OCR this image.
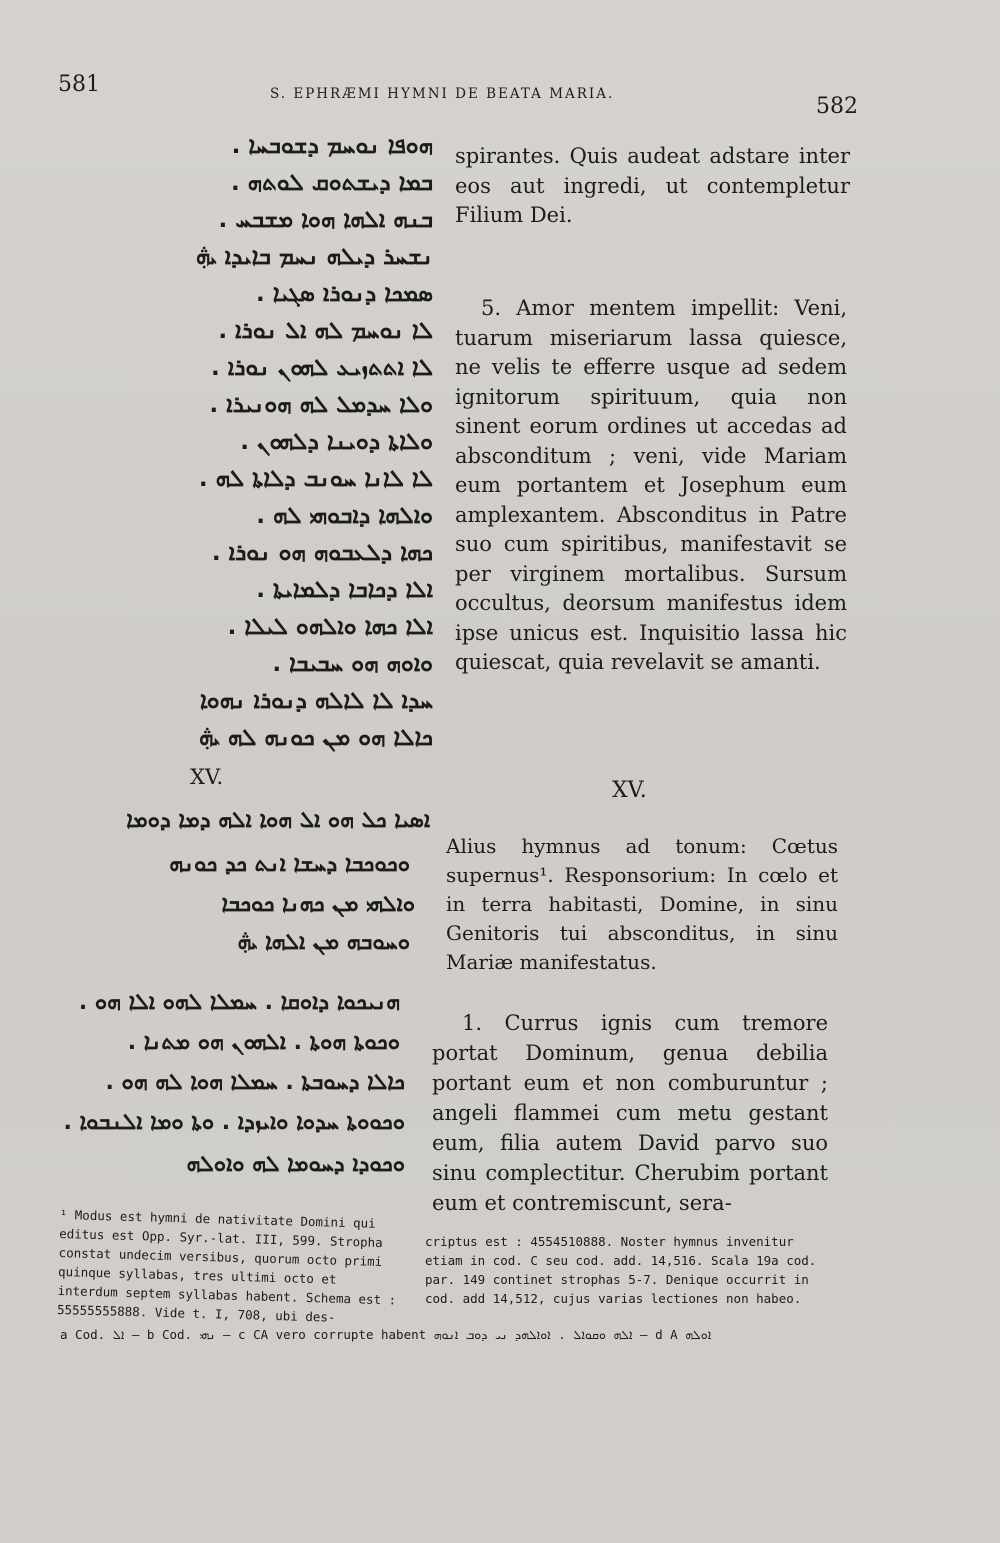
581	S. EPHRÆMI HYMNI DE BEATA MARIA.	582
ܗܘܦܐ ܢܘܚܡ ܕܫܘܒܚܐ .
ܒܡܐ ܕܝܫܬܘܩ ܠܘܬܗ .
ܒܢܗ ܐܠܗܐ ܗܘܐ ܡܫܒܚ .
ܢܫܚܪ ܕܝܠܗ ܢܚܡ ܒܐܝܕܐ ܞ
ܣܡܟܐ ܕܢܘܪܐ ܣܓܝܐ .
ܠܐ ܢܘܚܡ ܠܗ ܐܠ ܢܘܪܐ .
ܠܐ ܐܬܬܙܝܥ ܠܗܘܢ ܢܘܪܐ .
ܘܠܐ ܚܕܡܠ ܠܗ ܗܘܢܝܪܐ .
ܘܠܐܬܐ ܕܘܝܢܐ ܕܠܗܘܢ .
ܠܐ ܠܐܢܐ ܚܘܢܒ ܕܠܐܬܐ ܠܗ .
ܘܐܠܗܐ ܕܐܒܘܗܝ ܠܗ .
ܟܗܐ ܕܠܥܒܘܗ ܗܘ ܢܘܪܐ .
ܐܠܐ ܕܟܐܒܐ ܕܠܡܐܝܬܐ .
ܐܠܐ ܟܗܐ ܘܐܠܗܘ ܠܝܠܐ .
ܘܐܘܗ ܗܘ ܚܒܝܒܐ .
ܚܕܐ ܠܐ ܠܐܠܗ ܕܢܘܪܐ ܢܗܘܐ
ܟܐܠܐ ܗܘ ܡܢ ܟܘܢܗ ܠܗ ܞ
XV.
ܐܣܝܐ ܟܠ ܗܘ ܐܠ ܗܘܐ ܐܠܗ ܕܡܐ ܕܘܡܐ
ܘܟܘܟܒܐ ܕܚܫܐ ܐܢܬ ܟܕ ܟܘܢܗ
ܘܐܠܗܝ ܡܢ ܟܗܢܐ ܟܘܟܒܐ
ܘܚܘܒܗ ܡܢ ܐܠܗܐ ܞ
ܗܢܝܟܘܐ ܕܐܘܩܐ . ܚܡܠܐ ܠܗܘ ܐܠܐ ܗܘ .
ܘܟܘܬܐ ܗܘܬܐ . ܐܠܗܘܢ ܗܘ ܡܬܢܐ .
ܟܐܠܐ ܕܚܘܒܬܐ . ܚܡܠܐ ܗܘܐ ܠܗ ܗܘ .
ܘܟܘܘܬܐ ܚܕܘܐ ܘܐܝܙܕܐ . ܘܬܐ ܘܡܐ ܐܠܢܒܘܐ .
ܘܟܘܕܐ ܕܚܘܡܐ ܠܗ ܘܐܘܠܗ

spirantes. Quis audeat adstare inter eos aut ingredi, ut contempletur Filium Dei.

5. Amor mentem impellit: Veni, tuarum miseriarum lassa quiesce, ne velis te efferre usque ad sedem ignitorum spirituum, quia non sinent eorum ordines ut accedas ad absconditum ; veni, vide Mariam eum portantem et Josephum eum amplexantem. Absconditus in Patre suo cum spiritibus, manifestavit se per virginem mortalibus. Sursum occultus, deorsum manifestus idem ipse unicus est. Inquisitio lassa hic quiescat, quia revelavit se amanti.

XV.

Alius hymnus ad tonum: Cœtus supernus¹. Responsorium: In cœlo et in terra habitasti, Domine, in sinu Genitoris tui absconditus, in sinu Mariæ manifestatus.

1. Currus ignis cum tremore portat Dominum, genua debilia portant eum et non comburuntur ; angeli flammei cum metu gestant eum, filia autem David parvo suo sinu complectitur. Cherubim portant eum et contremiscunt, sera-

¹ Modus est hymni de nativitate Domini qui editus est Opp. Syr.-lat. III, 599. Stropha constat undecim versibus, quorum octo primi quinque syllabas, tres ultimi octo et interdum septem syllabas habent. Schema est : 55555555888. Vide t. I, 708, ubi des-

criptus est : 4554510888. Noster hymnus invenitur etiam in cod. C seu cod. add. 14,516. Scala 19a cod. par. 149 continet strophas 5-7. Denique occurrit in cod. add 14,512, cujus varias lectiones non habeo.

a Cod. ܐܠ — b Cod. ܢܗܝ — c CA vero corrupte habent ܐܠܗ ܘܩܘܐܠ . ܐܘܐܠܗܕ ܢܝ ܕܘܒ ܐܢܘܗ — d A ܐܘܠܗ
